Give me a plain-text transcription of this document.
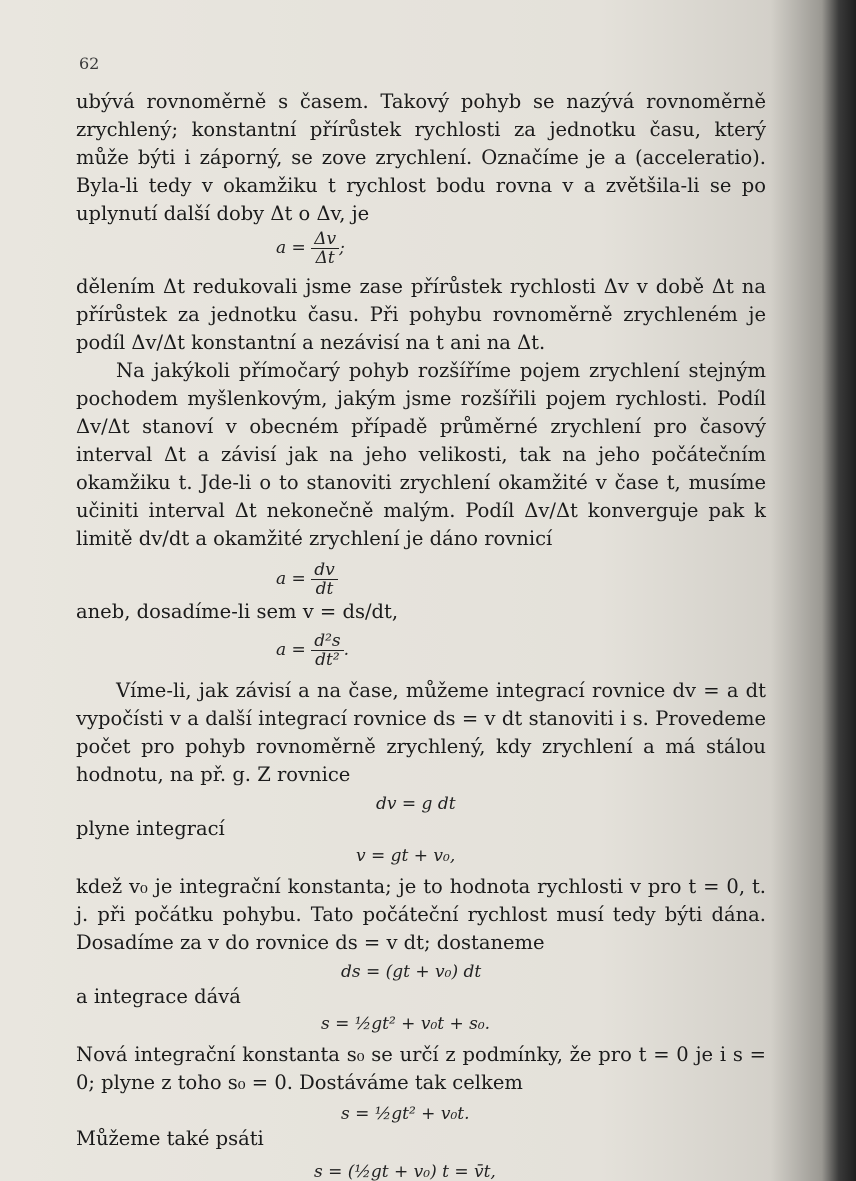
62

ubývá rovnoměrně s časem. Takový pohyb se nazývá rovnoměrně zrychlený; konstantní přírůstek rychlosti za jednotku času, který může býti i záporný, se zove zrychlení. Označíme je a (acceleratio). Byla-li tedy v okamžiku t rychlost bodu rovna v a zvětšila-li se po uplynutí další doby Δt o Δv, je

$a = \frac{\Delta v}{\Delta t}$ ;

dělením Δt redukovali jsme zase přírůstek rychlosti Δv v době Δt na přírůstek za jednotku času. Při pohybu rovnoměrně zrychleném je podíl Δv/Δt konstantní a nezávisí na t ani na Δt.

Na jakýkoli přímočarý pohyb rozšíříme pojem zrychlení stejným pochodem myšlenkovým, jakým jsme rozšířili pojem rychlosti. Podíl Δv/Δt stanoví v obecném případě průměrné zrychlení pro časový interval Δt a závisí jak na jeho velikosti, tak na jeho počátečním okamžiku t. Jde-li o to stanoviti zrychlení okamžité v čase t, musíme učiniti interval Δt nekonečně malým. Podíl Δv/Δt konverguje pak k limitě dv/dt a okamžité zrychlení je dáno rovnicí

$a = \frac{dv}{dt}$

aneb, dosadíme-li sem v = ds/dt,

$a = \frac{\text{d²s}}{\text{dt²}}$ .

Víme-li, jak závisí a na čase, můžeme integrací rovnice dv = a dt vypočísti v a další integrací rovnice ds = v dt stanoviti i s. Provedeme počet pro pohyb rovnoměrně zrychlený, kdy zrychlení a má stálou hodnotu, na př. g. Z rovnice

dv = g dt

plyne integrací

v = gt + v₀,

kdež v₀ je integrační konstanta; je to hodnota rychlosti v pro t = 0, t. j. při počátku pohybu. Tato počáteční rychlost musí tedy býti dána. Dosadíme za v do rovnice ds = v dt; dostaneme

ds = (gt + v₀) dt

a integrace dává

s = ½gt² + v₀t + s₀.

Nová integrační konstanta s₀ se určí z podmínky, že pro t = 0 je i s = 0; plyne z toho s₀ = 0. Dostáváme tak celkem

s = ½gt² + v₀t.

Můžeme také psáti

s = (½gt + v₀) t = v̄t,
